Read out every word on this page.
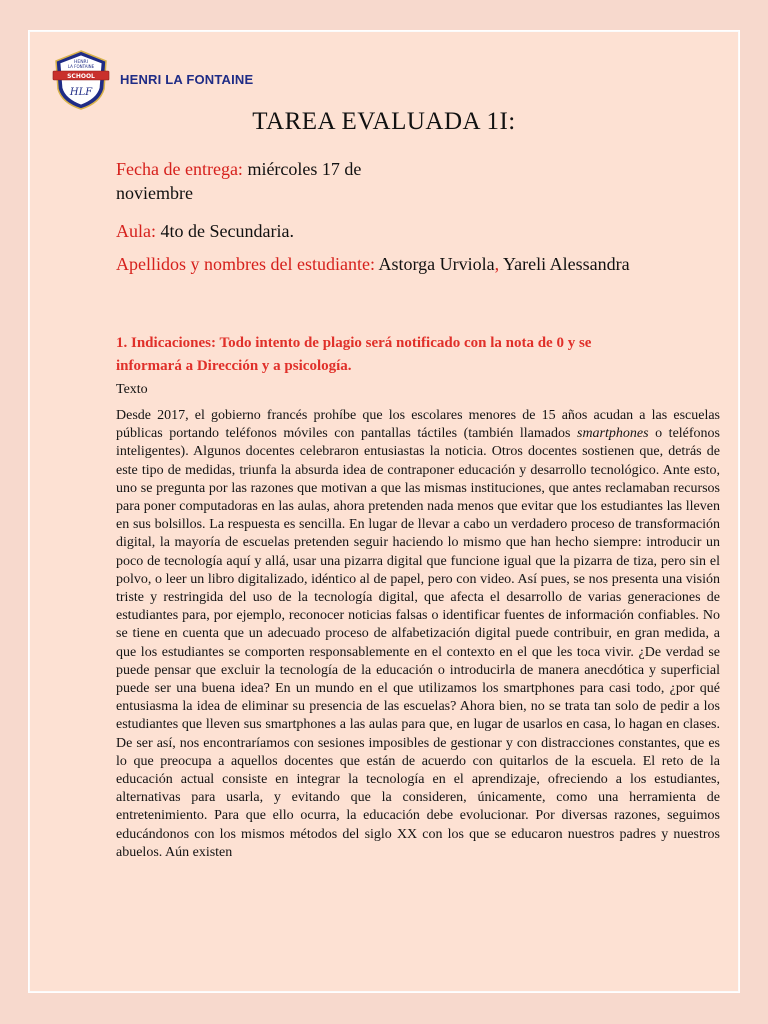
HENRI
LA FONTAINE
SCHOOL
HLF
HENRI LA FONTAINE
TAREA EVALUADA 1I:
Fecha de entrega: miércoles 17 de noviembre
Aula: 4to de Secundaria.
Apellidos y nombres del estudiante: Astorga Urviola, Yareli Alessandra
1. Indicaciones: Todo intento de plagio será notificado con la nota de 0 y se informará a Dirección y a psicología.
Texto
Desde 2017, el gobierno francés prohíbe que los escolares menores de 15 años acudan a las escuelas públicas portando teléfonos móviles con pantallas táctiles (también llamados smartphones o teléfonos inteligentes). Algunos docentes celebraron entusiastas la noticia. Otros docentes sostienen que, detrás de este tipo de medidas, triunfa la absurda idea de contraponer educación y desarrollo tecnológico. Ante esto, uno se pregunta por las razones que motivan a que las mismas instituciones, que antes reclamaban recursos para poner computadoras en las aulas, ahora pretenden nada menos que evitar que los estudiantes las lleven en sus bolsillos. La respuesta es sencilla. En lugar de llevar a cabo un verdadero proceso de transformación digital, la mayoría de escuelas pretenden seguir haciendo lo mismo que han hecho siempre: introducir un poco de tecnología aquí y allá, usar una pizarra digital que funcione igual que la pizarra de tiza, pero sin el polvo, o leer un libro digitalizado, idéntico al de papel, pero con video. Así pues, se nos presenta una visión triste y restringida del uso de la tecnología digital, que afecta el desarrollo de varias generaciones de estudiantes para, por ejemplo, reconocer noticias falsas o identificar fuentes de información confiables. No se tiene en cuenta que un adecuado proceso de alfabetización digital puede contribuir, en gran medida, a que los estudiantes se comporten responsablemente en el contexto en el que les toca vivir. ¿De verdad se puede pensar que excluir la tecnología de la educación o introducirla de manera anecdótica y superficial puede ser una buena idea? En un mundo en el que utilizamos los smartphones para casi todo, ¿por qué entusiasma la idea de eliminar su presencia de las escuelas? Ahora bien, no se trata tan solo de pedir a los estudiantes que lleven sus smartphones a las aulas para que, en lugar de usarlos en casa, lo hagan en clases. De ser así, nos encontraríamos con sesiones imposibles de gestionar y con distracciones constantes, que es lo que preocupa a aquellos docentes que están de acuerdo con quitarlos de la escuela. El reto de la educación actual consiste en integrar la tecnología en el aprendizaje, ofreciendo a los estudiantes, alternativas para usarla, y evitando que la consideren, únicamente, como una herramienta de entretenimiento. Para que ello ocurra, la educación debe evolucionar. Por diversas razones, seguimos educándonos con los mismos métodos del siglo XX con los que se educaron nuestros padres y nuestros abuelos. Aún existen
